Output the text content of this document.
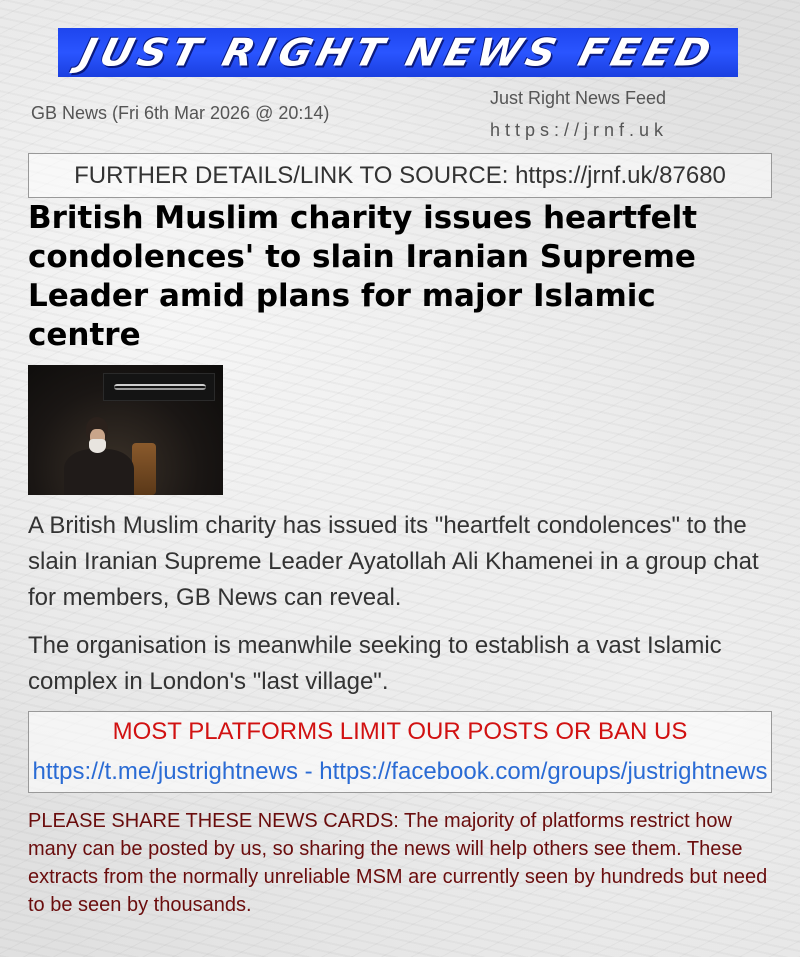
JUST RIGHT NEWS FEED
GB News (Fri 6th Mar 2026 @ 20:14)
Just Right News Feed
https://jrnf.uk
FURTHER DETAILS/LINK TO SOURCE: https://jrnf.uk/87680
British Muslim charity issues heartfelt condolences' to slain Iranian Supreme Leader amid plans for major Islamic centre

A British Muslim charity has issued its "heartfelt condolences" to the slain Iranian Supreme Leader Ayatollah Ali Khamenei in a group chat for members, GB News can reveal.

The organisation is meanwhile seeking to establish a vast Islamic complex in London's "last village".

MOST PLATFORMS LIMIT OUR POSTS OR BAN US
https://t.me/justrightnews - https://facebook.com/groups/justrightnews

PLEASE SHARE THESE NEWS CARDS: The majority of platforms restrict how many can be posted by us, so sharing the news will help others see them. These extracts from the normally unreliable MSM are currently seen by hundreds but need to be seen by thousands.
